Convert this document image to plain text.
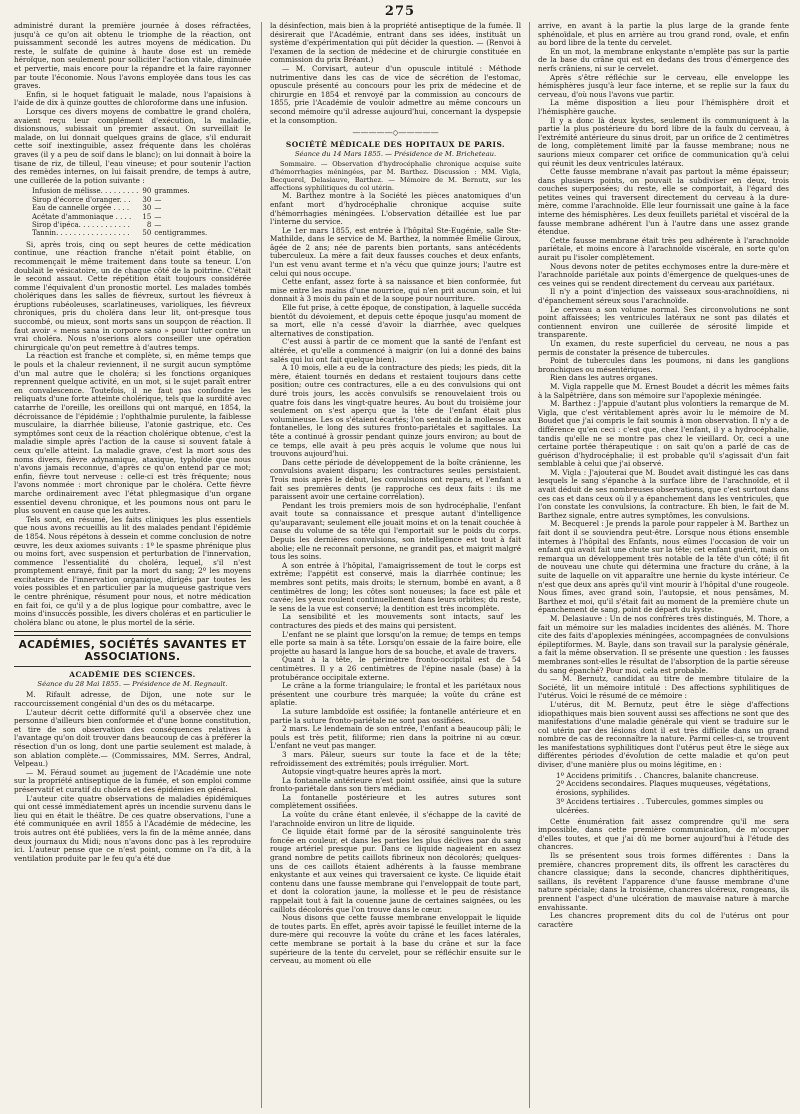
275

administré durant la première journée à doses réfractées, jusqu'à ce qu'on ait obtenu le triomphe de la réaction, ont puissamment secondé les autres moyens de médication. Du reste, le sulfate de quinine à haute dose est un remède héroïque, non seulement pour solliciter l'action vitale, diminuée et pervertie, mais encore pour la répandre et la faire rayonner par toute l'économie. Nous l'avons employée dans tous les cas graves.

Enfin, si le hoquet fatiguait le malade, nous l'apaisions à l'aide de dix à quinze gouttes de chloroforme dans une infusion.

Lorsque ces divers moyens de combattre le grand choléra, avaient reçu leur complément d'exécution, la maladie, disionsnous, subissait un premier assaut. On surveillait le malade, on lui donnait quelques grains de glace, s'il endurait cette soif inextinguible, assez fréquente dans les choléras graves (il y a peu de soif dans le blanc); on lui donnait à boire la tisane de riz, de tilleul, l'eau vineuse; et pour soutenir l'action des remèdes internes, on lui faisait prendre, de temps à autre, une cuillerée de la potion suivante :

Infusion de mélisse. . . . . . . . .	90	grammes.
Sirop d'écorce d'oranger. . .	30	—
Eau de cannelle orgée . . . .	30	—
Acétate d'ammoniaque . . . .	15	—
Sirop d'ipéca. . . . . . . . . . . .	8	—
Tannin. . . . . . . . . . . . . . . . .	50	centigrammes.

Si, après trois, cinq ou sept heures de cette médication continue, une réaction franche n'était point établie, on recommençait le même traitement dans toute sa teneur. L'on doublait le vésicatoire, un de chaque côté de la poitrine. C'était le second assaut. Cette répétition était toujours considérée comme l'équivalent d'un pronostic mortel. Les malades tombés cholériques dans les salles de fiévreux, surtout les fiévreux à éruptions rubéoleuses, scarlatineuses, varioliques, les fiévreux chroniques, pris du choléra dans leur lit, ont-presque tous succombé, ou mieux, sont morts sans un soupçon de réaction. Il faut avoir « mens sana in corpore sano » pour lutter contre un vrai choléra. Nous n'oserions alors conseiller une opération chirurgicale qu'on peut remettre à d'autres temps.

La réaction est franche et complète, si, en même temps que le pouls et la chaleur reviennent, il ne surgit aucun symptôme d'un mal autre que le choléra; si les fonctions organiques reprennent quelque activité, en un mot, si le sujet paraît entrer en convalescence. Toutefois, il ne faut pas confondre les reliquats d'une forte atteinte cholérique, tels que la surdité avec catarrhe de l'oreille, les oreillons qui ont marqué, en 1854, la décroissance de l'épidémie ; l'ophthalmie purulente, la faiblesse musculaire, la diarrhée bilieuse, l'atonie gastrique, etc. Ces symptômes sont ceux de la réaction cholérique obtenue, c'est la maladie simple après l'action de la cause si souvent fatale à ceux qu'elle atteint. La maladie grave, c'est la mort sous des noms divers, fièvre adynamique, ataxique, typhoïde que nous n'avons jamais reconnue, d'après ce qu'on entend par ce mot; enfin, fièvre tout nerveuse : celle-ci est très fréquente; nous l'avons nommée : mort chronique par le choléra. Cette fièvre marche ordinairement avec l'état phlegmasique d'un organe essentiel devenu chronique, et les poumons nous ont paru le plus souvent en cause que les autres.

Tels sont, en résumé, les faits cliniques les plus essentiels que nous avons recueillis au lit des malades pendant l'épidémie de 1854. Nous répétons à dessein et comme conclusion de notre œuvre, les deux axiomes suivants : 1º le spasme phrénique plus ou moins fort, avec suspension et perturbation de l'innervation, commence l'essentialité du choléra, lequel, s'il n'est promptement enrayé, finit par la mort du sang; 2º les moyens excitateurs de l'innervation organique, dirigés par toutes les voies possibles et en particulier par la muqueuse gastrique vers le centre phrénique, résument pour nous, et notre médication en fait foi, ce qu'il y a de plus logique pour combattre, avec le moins d'insuccès possible, les divers choléras et en particulier le choléra blanc ou atone, le plus mortel de la série.

ACADÉMIES, SOCIÉTÉS SAVANTES ET ASSOCIATIONS.
ACADÉMIE DES SCIENCES.
Séance du 28 Mai 1855. — Présidence de M. Regnault.

M. Rifault adresse, de Dijon, une note sur le raccourcissement congénial d'un des os du métacarpe.

L'auteur décrit cette difformité qu'il a observée chez une personne d'ailleurs bien conformée et d'une bonne constitution, et tire de son observation des conséquences relatives à l'avantage qu'on doit trouver dans beaucoup de cas à préférer la résection d'un os long, dont une partie seulement est malade, à son ablation complète.— (Commissaires, MM. Serres, Andral, Velpeau.)

— M. Féraud soumet au jugement de l'Académie une note sur la propriété antiseptique de la fumée, et son emploi comme préservatif et curatif du choléra et des épidémies en général.

L'auteur cite quatre observations de maladies épidémiques qui ont cessé immédiatement après un incendie survenu dans le lieu qui en était le théâtre. De ces quatre observations, l'une a été communiquée en avril 1855 à l'Académie de médecine, les trois autres ont été publiées, vers la fin de la même année, dans deux journaux du Midi; nous n'avons donc pas à les reproduire ici. L'auteur pense que ce n'est point, comme on l'a dit, à la ventilation produite par le feu qu'a été due

la désinfection, mais bien à la propriété antiseptique de la fumée. Il désirerait que l'Académie, entrant dans ses idées, instituât un système d'expérimentation qui pût décider la question. — (Renvoi à l'examen de la section de médecine et de chirurgie constituée en commission du prix Bréant.)

— M. Corvisart, auteur d'un opuscule intitulé : Méthode nutrimentive dans les cas de vice de sécrétion de l'estomac, opuscule présenté au concours pour les prix de médecine et de chirurgie en 1854 et renvoyé par la commission au concours de 1855, prie l'Académie de vouloir admettre au même concours un second mémoire qu'il adresse aujourd'hui, concernant la dyspepsie et la consomption.

—————◇—————
SOCIÉTÉ MÉDICALE DES HOPITAUX DE PARIS.
Séance du 14 Mars 1855. — Présidence de M. Bricheteau.

Sommaire. — Observation d'hydrocéphalie chronique acquise suite d'hémorrhagies méningées, par M. Barthez. Discussion : MM. Vigla, Becquerel, Delasiauve, Barthez. — Mémoire de M. Bernutz, sur les affections syphilitiques du col utérin.

M. Barthez montre à la Société les pièces anatomiques d'un enfant mort d'hydrocéphalie chronique acquise suite d'hémorrhagies méningées. L'observation détaillée est lue par l'interne du service.

Le 1er mars 1855, est entrée à l'hôpital Ste-Eugénie, salle Ste-Mathilde, dans le service de M. Barthez, la nommée Emélie Giroux, âgée de 2 ans; née de parents bien portants, sans antécédents tuberculeux. La mère a fait deux fausses couches et deux enfants, l'un est venu avant terme et n'a vécu que quinze jours; l'autre est celui qui nous occupe.

Cette enfant, assez forte à sa naissance et bien conformée, fut mise entre les mains d'une nourrice, qui n'en prit aucun soin, et lui donnait à 3 mois du pain et de la soupe pour nourriture.

Elle fut prise, à cette époque, de constipation, à laquelle succéda bientôt du dévoiement, et depuis cette époque jusqu'au moment de sa mort, elle n'a cessé d'avoir la diarrhée, avec quelques alternatives de constipation.

C'est aussi à partir de ce moment que la santé de l'enfant est altérée, et qu'elle a commencé à maigrir (on lui a donné des bains salés qui lui ont fait quelque bien).

A 10 mois, elle a eu de la contracture des pieds; les pieds, dit la mère, étaient tournés en dedans et restaient toujours dans cette position; outre ces contractures, elle a eu des convulsions qui ont duré trois jours, les accès convulsifs se renouvelaient trois ou quatre fois dans les vingt-quatre heures. Au bout du troisième jour seulement on s'est aperçu que la tête de l'enfant était plus volumineuse. Les os s'étaient écartés; l'on sentait de la mollesse aux fontanelles, le long des sutures fronto-pariétales et sagittales. La tête a continué à grossir pendant quinze jours environ; au bout de ce temps, elle avait à peu près acquis le volume que nous lui trouvons aujourd'hui.

Dans cette période de développement de la boîte crânienne, les convulsions avaient disparu; les contractures seules persistaient. Trois mois après le début, les convulsions ont reparu, et l'enfant a fait ses premières dents (je rapproche ces deux faits : ils me paraissent avoir une certaine corrélation).

Pendant les trois premiers mois de son hydrocéphalie, l'enfant avait toute sa connaissance et presque autant d'intelligence qu'auparavant; seulement elle jouait moins et on la tenait couchée à cause du volume de sa tête qui l'emportait sur le poids du corps. Depuis les dernières convulsions, son intelligence est tout à fait abolie; elle ne reconnaît personne, ne grandit pas, et maigrit malgré tous les soins.

A son entrée à l'hôpital, l'amaigrissement de tout le corps est extrême; l'appétit est conservé, mais la diarrhée continue; les membres sont petits, mais droits; le sternum, bombé en avant, a 8 centimètres de long; les côtes sont noueuses; la face est pâle et cavée; les yeux roulent continuellement dans leurs orbites; du reste, le sens de la vue est conservé; la dentition est très incomplète.

La sensibilité et les mouvements sont intacts, sauf les contractures des pieds et des mains qui persistent.

L'enfant ne se plaint que lorsqu'on la remue; de temps en temps elle porte sa main à sa tête. Lorsqu'on essaie de la faire boire, elle projette au hasard la langue hors de sa bouche, et avale de travers.

Quant à la tête, le périmètre fronto-occipital est de 54 centimètres. Il y a 26 centimètres de l'épine nasale (base) à la protubérance occipitale externe.

Le crâne a la forme triangulaire; le frontal et les pariétaux nous présentent une courbure très marquée; la voûte du crâne est aplatie.

La suture lambdoïde est ossifiée; la fontanelle antérieure et en partie la suture fronto-pariétale ne sont pas ossifiées.

2 mars. Le lendemain de son entrée, l'enfant a beaucoup pâli; le pouls est très petit, filiforme; rien dans la poitrine ni au cœur. L'enfant ne veut pas manger.

3 mars. Pâleur, sueurs sur toute la face et de la tête; refroidissement des extrémités; pouls irrégulier. Mort.

Autopsie vingt-quatre heures après la mort.

La fontanelle antérieure n'est point ossifiée, ainsi que la suture fronto-pariétale dans son tiers médian.

La fontanelle postérieure et les autres sutures sont complètement ossifiées.

La voûte du crâne étant enlevée, il s'échappe de la cavité de l'arachnoïde environ un litre de liquide.

Ce liquide était formé par de la sérosité sanguinolente très foncée en couleur, et dans les parties les plus déclives par du sang rouge artériel presque pur. Dans ce liquide nageaient en assez grand nombre de petits caillots fibrineux non décolorés; quelques-uns de ces caillots étaient adhérents à la fausse membrane enkystante et aux veines qui traversaient ce kyste. Ce liquide était contenu dans une fausse membrane qui l'enveloppait de toute part, et dont la coloration jaune, la mollesse et le peu de résistance rappelait tout à fait la couenne jaune de certaines saignées, ou les caillots décolorés que l'on trouve dans le cœur.

Nous disons que cette fausse membrane enveloppait le liquide de toutes parts. En effet, après avoir tapissé le feuillet interne de la dure-mère qui recouvre la voûte du crâne et les faces latérales, cette membrane se portait à la base du crâne et sur la face supérieure de la tente du cervelet, pour se réfléchir ensuite sur le cerveau, au moment où elle

arrive, en avant à la partie la plus large de la grande fente sphénoïdale, et plus en arrière au trou grand rond, ovale, et enfin au bord libre de la tente du cervelet.

En un mot, la membrane enkystante n'emplète pas sur la partie de la base du crâne qui est en dedans des trous d'émergence des nerfs crâniens, ni sur le cervelet.

Après s'être réfléchie sur le cerveau, elle enveloppe les hémisphères jusqu'à leur face interne, et se replie sur la faux du cerveau, d'où nous l'avons vue partir.

La même disposition a lieu pour l'hémisphère droit et l'hémisphère gauche.

Il y a donc là deux kystes, seulement ils communiquent à la partie la plus postérieure du bord libre de la faulx du cerveau, à l'extrémité antérieure du sinus droit, par un orifice de 2 centimètres de long, complètement limité par la fausse membrane; nous ne saurions mieux comparer cet orifice de communication qu'à celui qui réunit les deux ventricules latéraux.

Cette fausse membrane n'avait pas partout la même épaisseur; dans plusieurs points, on pouvait la subdiviser en deux, trois couches superposées; du reste, elle se comportait, à l'égard des petites veines qui traversent directement du cerveau à la dure-mère, comme l'arachnoïde. Elle leur fournissait une gaîne à la face interne des hémisphères. Les deux feuillets pariétal et viscéral de la fausse membrane adhérent l'un à l'autre dans une assez grande étendue.

Cette fausse membrane était très peu adhérente à l'arachnoïde pariétale, et moins encore à l'arachnoïde viscérale, en sorte qu'on aurait pu l'isoler complètement.

Nous devons noter de petites ecchymoses entre la dure-mère et l'arachnoïde pariétale aux points d'émergence de quelques-unes de ces veines qui se rendent directement du cerveau aux pariétaux.

Il n'y a point d'injection des vaisseaux sous-arachnoïdiens, ni d'épanchement séreux sous l'arachnoïde.

Le cerveau a son volume normal. Ses circonvolutions ne sont point affaissées; les ventricules latéraux ne sont pas dilatés et contiennent environ une cuillerée de sérosité limpide et transparente.

Un examen, du reste superficiel du cerveau, ne nous a pas permis de constater la présence de tubercules.

Point de tubercules dans les poumons, ni dans les ganglions bronchiques ou mésentériques.

Rien dans les autres organes.

M. Vigla rappelle que M. Ernest Boudet a décrit les mêmes faits à la Salpêtrière, dans son mémoire sur l'apoplexie méningée.

M. Barthez : J'appuie d'autant plus volontiers la remarque de M. Vigla, que c'est véritablement après avoir lu le mémoire de M. Boudet que j'ai compris le fait soumis à mon observation. Il n'y a de différence qu'en ceci : c'est que, chez l'enfant, il y a hydrocéphalie, tandis qu'elle ne se montre pas chez le vieillard. Or, ceci a une certaine portée thérapeutique : on sait qu'on a parlé de cas de guérison d'hydrocéphalie; il est probable qu'il s'agissait d'un fait semblable à celui que j'ai observé.

M. Vigla : J'ajouterai que M. Boudet avait distingué les cas dans lesquels le sang s'épanche à la surface libre de l'arachnoïde, et il avait déduit de ses nombreuses observations, que c'est surtout dans ces cas et dans ceux où il y a épanchement dans les ventricules, que l'on constate les convulsions, la contracture. Eh bien, le fait de M. Barthez signale, entre autres symptômes, les convulsions.

M. Becquerel : Je prends la parole pour rappeler à M. Barthez un fait dont il se souviendra peut-être. Lorsque nous étions ensemble internes à l'hôpital des Enfants, nous eûmes l'occasion de voir un enfant qui avait fait une chute sur la tête; cet enfant guérit, mais on remarqua un développement très notable de la tête d'un côté; il fit de nouveau une chute qui détermina une fracture du crâne, à la suite de laquelle on vit apparaître une hernie du kyste intérieur. Ce n'est que deux ans après qu'il vint mourir à l'hôpital d'une rougeole. Nous fîmes, avec grand soin, l'autopsie, et nous pensâmes, M. Barthez et moi, qu'il s'était fait au moment de la première chute un épanchement de sang, point de départ du kyste.

M. Delasiauve : Un de nos confrères très distingués, M. Thore, a fait un mémoire sur les maladies incidentes des aliénés. M. Thore cite des faits d'apoplexies méningées, accompagnées de convulsions épileptiformes. M. Bayle, dans son travail sur la paralysie générale, a fait la même observation. Il se présente une question : les fausses membranes sont-elles le résultat de l'absorption de la partie séreuse du sang épanché? Pour moi, cela est probable.

— M. Bernutz, candidat au titre de membre titulaire de la Société, lit un mémoire intitulé : Des affections syphilitiques de l'utérus. Voici le résumé de ce mémoire :

L'utérus, dit M. Bernutz, peut être le siège d'affections idiopathiques mais bien souvent aussi ses affections ne sont que des manifestations d'une maladie générale qui vient se traduire sur le col utérin par des lésions dont il est très difficile dans un grand nombre de cas de reconnaître la nature. Parmi celles-ci, se trouvent les manifestations syphilitiques dont l'utérus peut être le siège aux différentes périodes d'évolution de cette maladie et qu'on peut diviser, d'une manière plus ou moins légitime, en :

1º Accidens primitifs . . Chancres, balanite chancreuse.
2º Accidens secondaires. Plaques muqueuses, végétations, érosions, syphilides.
3º Accidens tertiaires . . Tubercules, gommes simples ou ulcérées.

Cette énumération fait assez comprendre qu'il me sera impossible, dans cette première communication, de m'occuper d'elles toutes, et que j'ai dû me borner aujourd'hui à l'étude des chancres.

Ils se présentent sous trois formes différentes : Dans la première, chancres proprement dits, ils offrent les caractères du chancre classique; dans la seconde, chancres diphthéritiques, saillans, ils revêtent l'apparence d'une fausse membrane d'une nature spéciale; dans la troisième, chancres ulcéreux, rongeans, ils prennent l'aspect d'une ulcération de mauvaise nature à marche envahissante.

Les chancres proprement dits du col de l'utérus ont pour caractère
